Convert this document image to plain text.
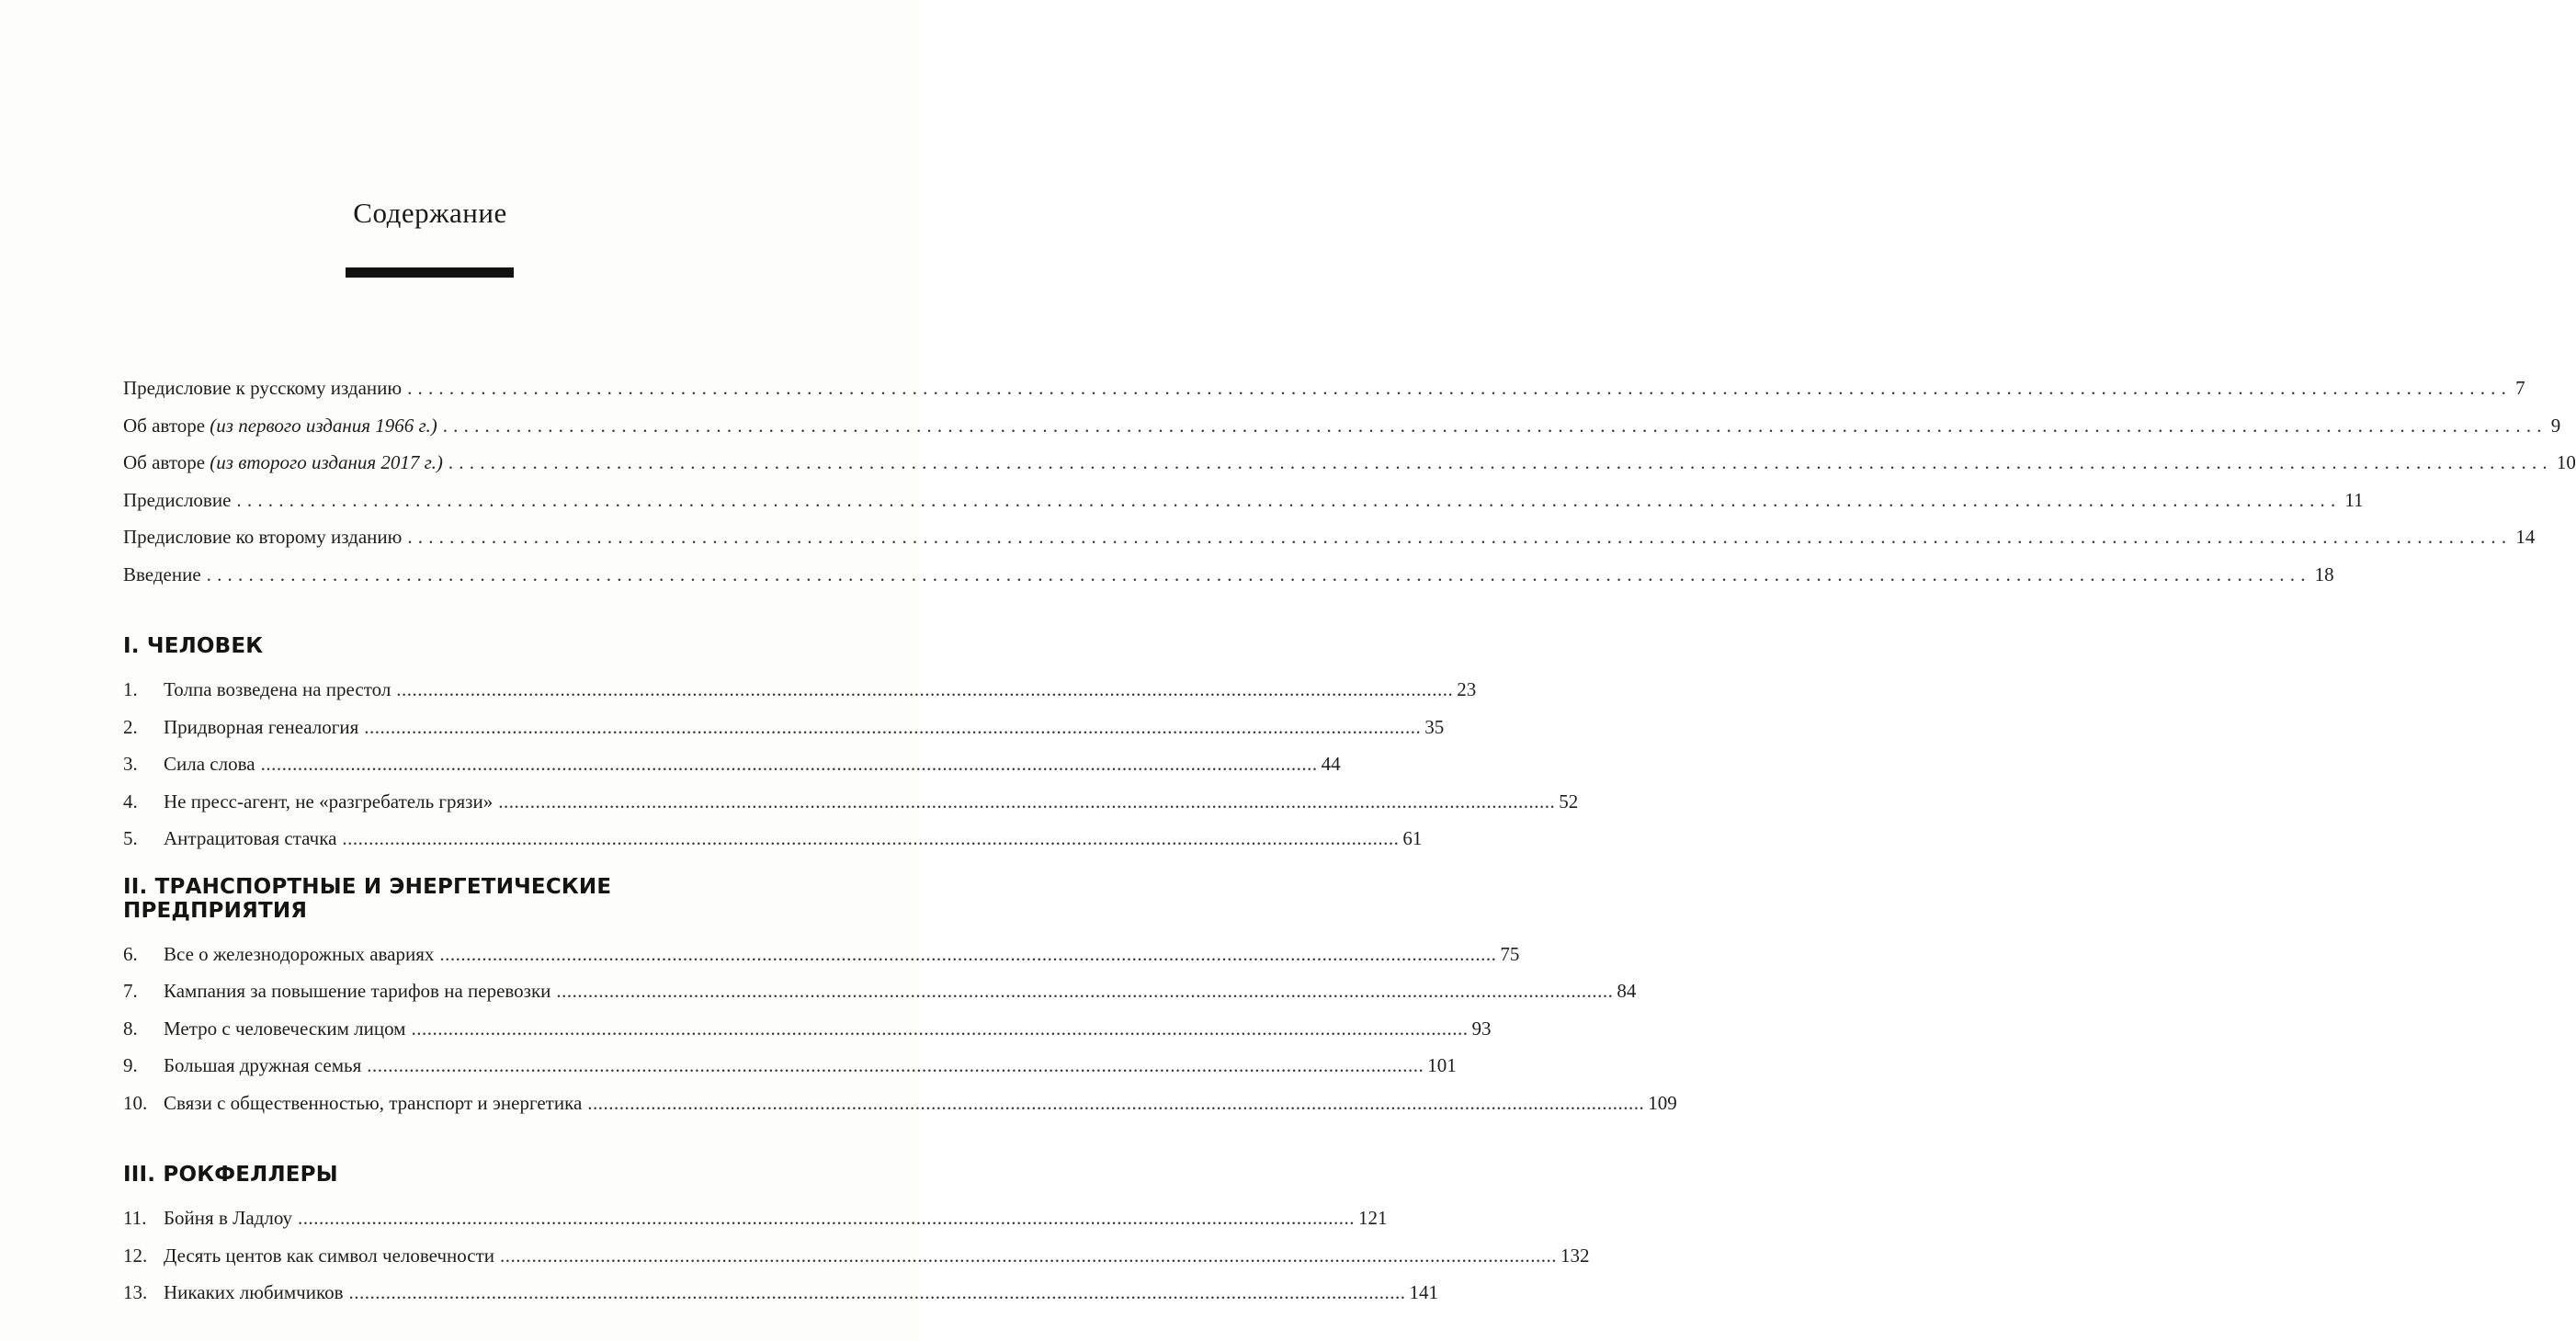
Содержание
Предисловие к русскому изданию ........................................................................................................................................................................................................ 7
Об авторе (из первого издания 1966 г.) ........................................................................................................................................................................................................ 9
Об авторе (из второго издания 2017 г.) ........................................................................................................................................................................................................ 10
Предисловие ........................................................................................................................................................................................................ 11
Предисловие ко второму изданию ........................................................................................................................................................................................................ 14
Введение ........................................................................................................................................................................................................ 18
I. ЧЕЛОВЕК
1.	Толпа возведена на престол ........................................................................................................................................................................................................ 23
2.	Придворная генеалогия ........................................................................................................................................................................................................ 35
3.	Сила слова ........................................................................................................................................................................................................ 44
4.	Не пресс-агент, не «разгребатель грязи» ........................................................................................................................................................................................................ 52
5.	Антрацитовая стачка ........................................................................................................................................................................................................ 61
II. ТРАНСПОРТНЫЕ И ЭНЕРГЕТИЧЕСКИЕ ПРЕДПРИЯТИЯ
6.	Все о железнодорожных авариях ........................................................................................................................................................................................................ 75
7.	Кампания за повышение тарифов на перевозки ........................................................................................................................................................................................................ 84
8.	Метро с человеческим лицом ........................................................................................................................................................................................................ 93
9.	Большая дружная семья ........................................................................................................................................................................................................ 101
10. Связи с общественностью, транспорт и энергетика ........................................................................................................................................................................................................ 109
III. РОКФЕЛЛЕРЫ
11. Бойня в Ладлоу ........................................................................................................................................................................................................ 121
12. Десять центов как символ человечности ........................................................................................................................................................................................................ 132
13. Никаких любимчиков ........................................................................................................................................................................................................ 141
